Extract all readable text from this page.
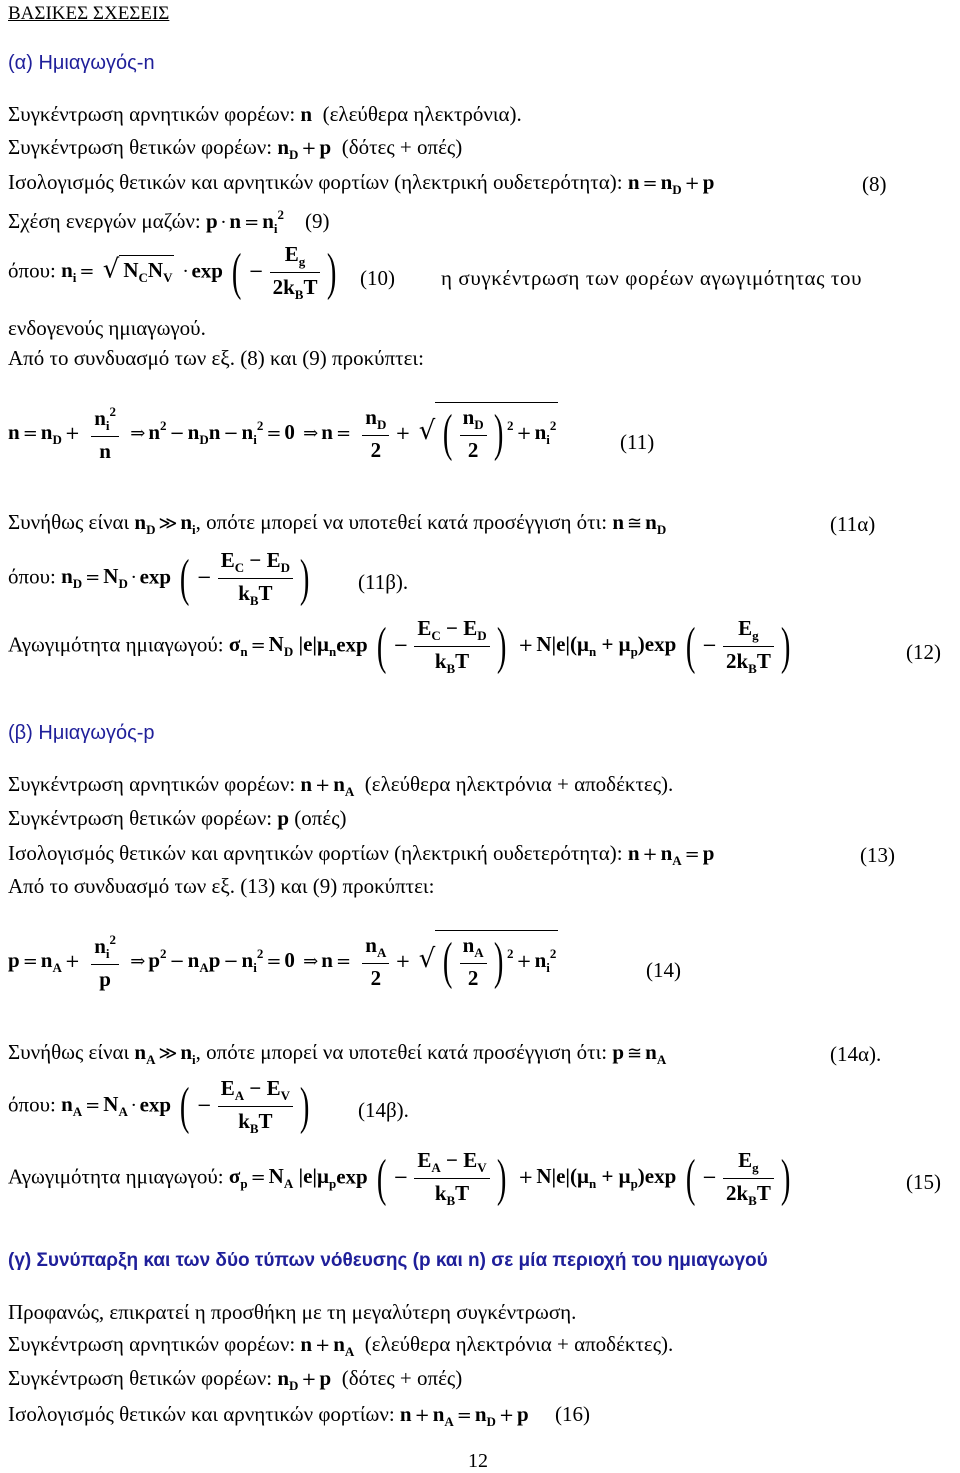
ΒΑΣΙΚΕΣ ΣΧΕΣΕΙΣ
(α) Ημιαγωγός-n
Συγκέντρωση αρνητικών φορέων: n (ελεύθερα ηλεκτρόνια).
Συγκέντρωση θετικών φορέων: $n_D + p$ (δότες + οπές)
Ισολογισμός θετικών και αρνητικών φορτίων (ηλεκτρική ουδετερότητα): $n = n_D + p$	(8)
Σχέση ενεργών μαζών: $p \cdot n = n_i^2$ (9)
όπου: $n_i$ = √ $N_CN_V \cdot \exp$ ( − $\frac{E_g}{2k_BT}$ ) (10) η συγκέντρωση των φορέων αγωγιμότητας του
ενδογενούς ημιαγωγού.
Από το συνδυασμό των εξ. (8) και (9) προκύπτει:
$n = n_D + \frac{n_i^2}{n}$ ⇒ $n^2 - n_Dn - n_i^2 = 0$ ⇒ $n = \frac{n_D}{2}$ + √ ( $\frac{n_D}{2}$ ) $^2 + n_i^2$
(11)
Συνήθως είναι $n_D$ ≫ $n_i$, οπότε μπορεί να υποτεθεί κατά προσέγγιση ότι: n ≅ $n_D$	(11α)
όπου: $n_D = N_D \cdot \exp$ ( − $\frac{E_C - E_D}{k_BT}$ ) (11β).
Αγωγιμότητα ημιαγωγού: $\sigma_n = N_D$ $|e|\mu_n\exp$ ( − $\frac{E_C - E_D}{k_BT}$ ) + $N|e|(\mu_n + \mu_p)\exp$ ( − $\frac{E_g}{2k_BT}$ )	(12)
(β) Ημιαγωγός-p
Συγκέντρωση αρνητικών φορέων: $n + n_A$ (ελεύθερα ηλεκτρόνια + αποδέκτες).
Συγκέντρωση θετικών φορέων: p (οπές)
Ισολογισμός θετικών και αρνητικών φορτίων (ηλεκτρική ουδετερότητα): $n + n_A = p$	(13)
Από το συνδυασμό των εξ. (13) και (9) προκύπτει:
$p = n_A + \frac{n_i^2}{p}$ ⇒ $p^2 - n_Ap - n_i^2 = 0$ ⇒ $n = \frac{n_A}{2}$ + √ ( $\frac{n_A}{2}$ ) $^2 + n_i^2$
(14)
Συνήθως είναι $n_A$ ≫ $n_i$, οπότε μπορεί να υποτεθεί κατά προσέγγιση ότι: p ≅ $n_A$	(14α).
όπου: $n_A = N_A \cdot \exp$ ( − $\frac{E_A - E_V}{k_BT}$ ) (14β).
Αγωγιμότητα ημιαγωγού: $\sigma_p = N_A$ $|e|\mu_p\exp$ ( − $\frac{E_A - E_V}{k_BT}$ ) + $N|e|(\mu_n + \mu_p)\exp$ ( − $\frac{E_g}{2k_BT}$ )	(15)
(γ) Συνύπαρξη και των δύο τύπων νόθευσης (p και n) σε μία περιοχή του ημιαγωγού
Προφανώς, επικρατεί η προσθήκη με τη μεγαλύτερη συγκέντρωση.
Συγκέντρωση αρνητικών φορέων: $n + n_A$ (ελεύθερα ηλεκτρόνια + αποδέκτες).
Συγκέντρωση θετικών φορέων: $n_D + p$ (δότες + οπές)
Ισολογισμός θετικών και αρνητικών φορτίων: $n + n_A = n_D + p$ (16)
12
